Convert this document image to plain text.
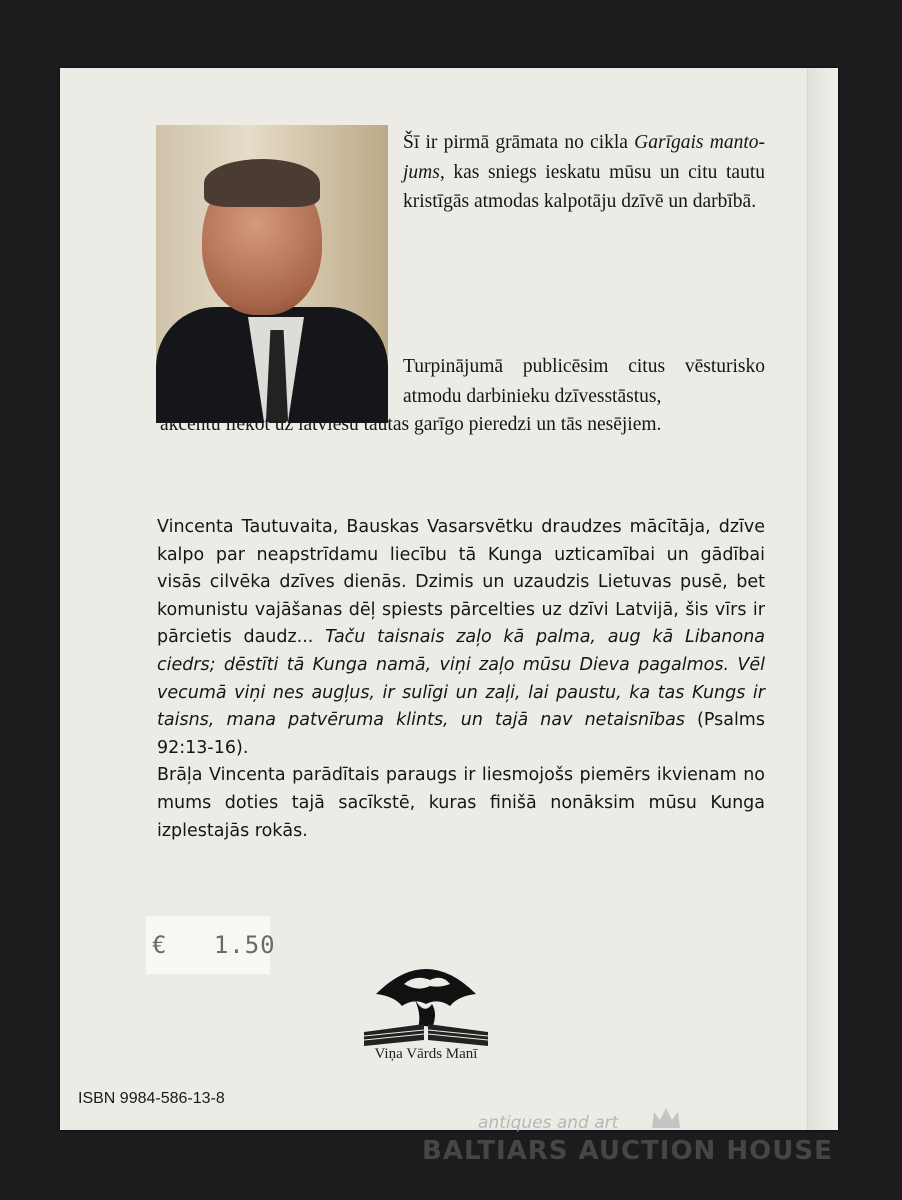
Šī ir pirmā grāmata no cikla Garīgais mantojums, kas sniegs ieskatu mūsu un citu tautu kristīgās atmodas kalpotāju dzīvē un darbībā.

Turpinājumā publicēsim citus vēsturisko atmodu darbinieku dzīvesstāstus,

akcentu liekot uz latviešu tautas garīgo pieredzi un tās nesējiem.

Vincenta Tautuvaita, Bauskas Vasarsvētku draudzes mācītāja, dzīve kalpo par neapstrīdamu liecību tā Kunga uzticamībai un gādībai visās cilvēka dzīves dienās. Dzimis un uzaudzis Lietuvas pusē, bet komunistu vajāšanas dēļ spiests pārcelties uz dzīvi Latvijā, šis vīrs ir pārcietis daudz... Taču taisnais zaļo kā palma, aug kā Libanona ciedrs; dēstīti tā Kunga namā, viņi zaļo mūsu Dieva pagalmos. Vēl vecumā viņi nes augļus, ir sulīgi un zaļi, lai paustu, ka tas Kungs ir taisns, mana patvēruma klints, un tajā nav netaisnības (Psalms 92:13-16).

Brāļa Vincenta parādītais paraugs ir liesmojošs piemērs ikvienam no mums doties tajā sacīkstē, kuras finišā nonāksim mūsu Kunga izplestajās rokās.

€ 1.50
Viņa Vārds Manī
ISBN 9984-586-13-8
antiques and art
BALTIARS AUCTION HOUSE
